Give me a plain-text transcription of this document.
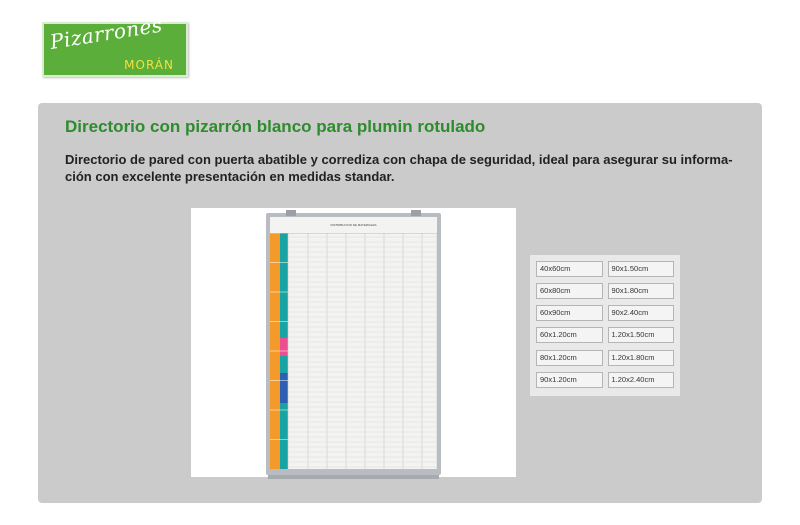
Pizarrones
MORÁN
Directorio con pizarrón blanco para plumin rotulado

Directorio de pared con puerta abatible y corrediza con chapa de seguridad, ideal para asegurar su informa-ción con excelente presentación en medidas standar.

DISTRIBUCION DE MATERIALES
40x60cm	90x1.50cm
60x80cm	90x1.80cm
60x90cm	90x2.40cm
60x1.20cm	1.20x1.50cm
80x1.20cm	1.20x1.80cm
90x1.20cm	1.20x2.40cm
